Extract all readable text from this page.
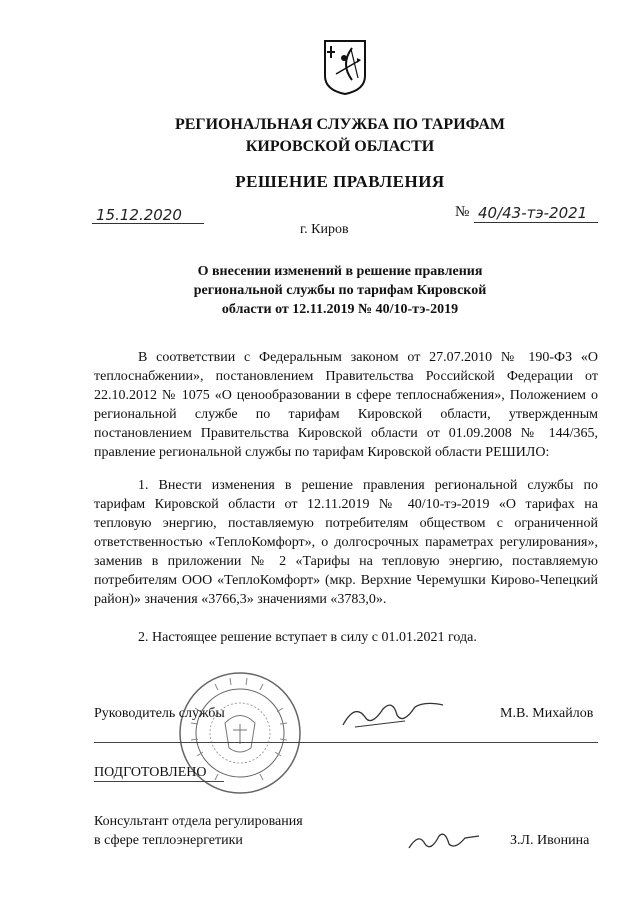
РЕГИОНАЛЬНАЯ СЛУЖБА ПО ТАРИФАМ
КИРОВСКОЙ ОБЛАСТИ
РЕШЕНИЕ ПРАВЛЕНИЯ
15.12.2020	№ 40/43-тэ-2021
г. Киров
О внесении изменений в решение правления
региональной службы по тарифам Кировской
области от 12.11.2019 № 40/10-тэ-2019
В соответствии с Федеральным законом от 27.07.2010 № 190-ФЗ «О теплоснабжении», постановлением Правительства Российской Федерации от 22.10.2012 № 1075 «О ценообразовании в сфере теплоснабжения», Положением о региональной службе по тарифам Кировской области, утвержденным постановлением Правительства Кировской области от 01.09.2008 № 144/365, правление региональной службы по тарифам Кировской области РЕШИЛО:
1. Внести изменения в решение правления региональной службы по тарифам Кировской области от 12.11.2019 № 40/10-тэ-2019 «О тарифах на тепловую энергию, поставляемую потребителям обществом с ограниченной ответственностью «ТеплоКомфорт», о долгосрочных параметрах регулирования», заменив в приложении № 2 «Тарифы на тепловую энергию, поставляемую потребителям ООО «ТеплоКомфорт» (мкр. Верхние Черемушки Кирово-Чепецкий район)» значения «3766,3» значениями «3783,0».
2. Настоящее решение вступает в силу с 01.01.2021 года.
Руководитель службы	М.В. Михайлов
ПОДГОТОВЛЕНО
Консультант отдела регулирования
в сфере теплоэнергетики	З.Л. Ивонина
